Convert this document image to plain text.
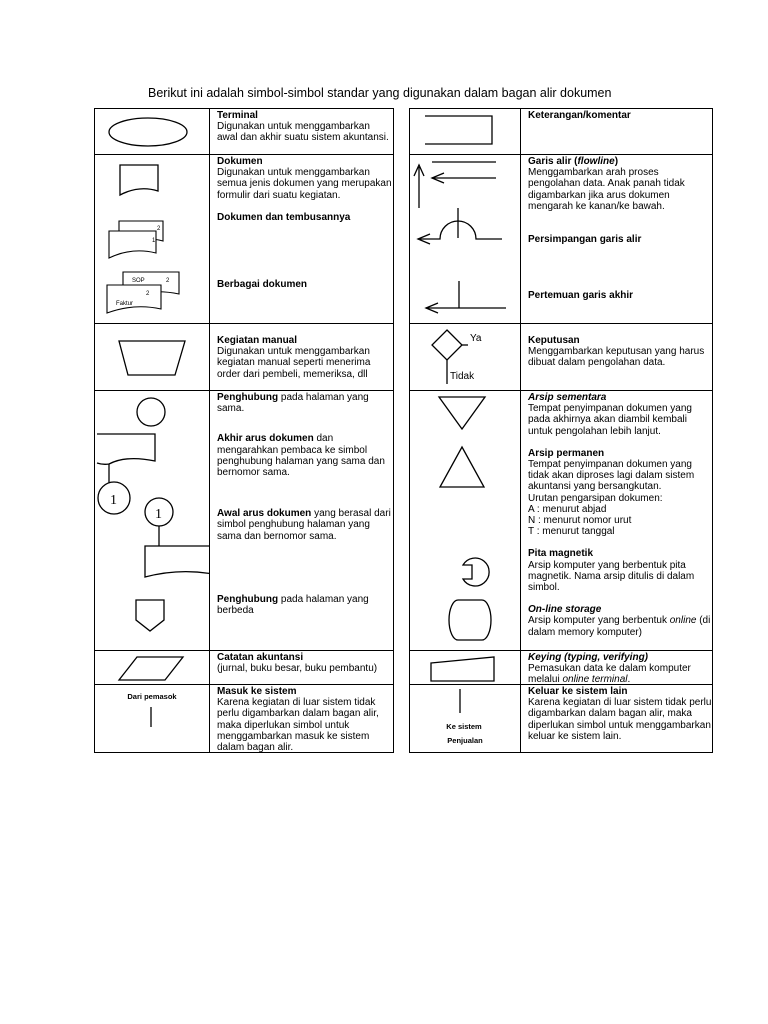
Berikut ini adalah simbol-simbol standar yang digunakan dalam bagan alir dokumen

Terminal

Digunakan untuk menggambarkan awal dan akhir suatu sistem akuntansi.

2
1
SOP	2
2
Faktur

Dokumen

Digunakan untuk menggambarkan semua jenis dokumen yang merupakan formulir dari suatu kegiatan.

Dokumen dan tembusannya

Berbagai dokumen

Kegiatan manual

Digunakan untuk menggambarkan kegiatan manual seperti menerima order dari pembeli, memeriksa, dll

1
1

Penghubung pada halaman yang sama.

Akhir arus dokumen dan mengarahkan pembaca ke simbol penghubung halaman yang sama dan bernomor sama.

Awal arus dokumen yang berasal dari simbol penghubung halaman yang sama dan bernomor sama.

Penghubung pada halaman yang berbeda

Catatan akuntansi

(jurnal, buku besar, buku pembantu)

Dari pemasok	Masuk ke sistem

Karena kegiatan di luar sistem tidak perlu digambarkan dalam bagan alir, maka diperlukan simbol untuk menggambarkan masuk ke sistem dalam bagan alir.

Keterangan/komentar

Garis alir (flowline)

Menggambarkan arah proses pengolahan data. Anak panah tidak digambarkan jika arus dokumen mengarah ke kanan/ke bawah.

Persimpangan garis alir

Pertemuan garis akhir

Ya
Tidak

Keputusan

Menggambarkan keputusan yang harus dibuat dalam pengolahan data.

Arsip sementara

Tempat penyimpanan dokumen yang pada akhirnya akan diambil kembali untuk pengolahan lebih lanjut.

Arsip permanen

Tempat penyimpanan dokumen yang tidak akan diproses lagi dalam sistem akuntansi yang bersangkutan.

Urutan pengarsipan dokumen:

A : menurut abjad

N : menurut nomor urut

T : menurut tanggal

Pita magnetik

Arsip komputer yang berbentuk pita magnetik. Nama arsip ditulis di dalam simbol.

On-line storage

Arsip komputer yang berbentuk online (di dalam memory komputer)

Keying (typing, verifying)

Pemasukan data ke dalam komputer melalui online terminal.

Ke sistem
Penjualan

Keluar ke sistem lain

Karena kegiatan di luar sistem tidak perlu digambarkan dalam bagan alir, maka diperlukan simbol untuk menggambarkan keluar ke sistem lain.
